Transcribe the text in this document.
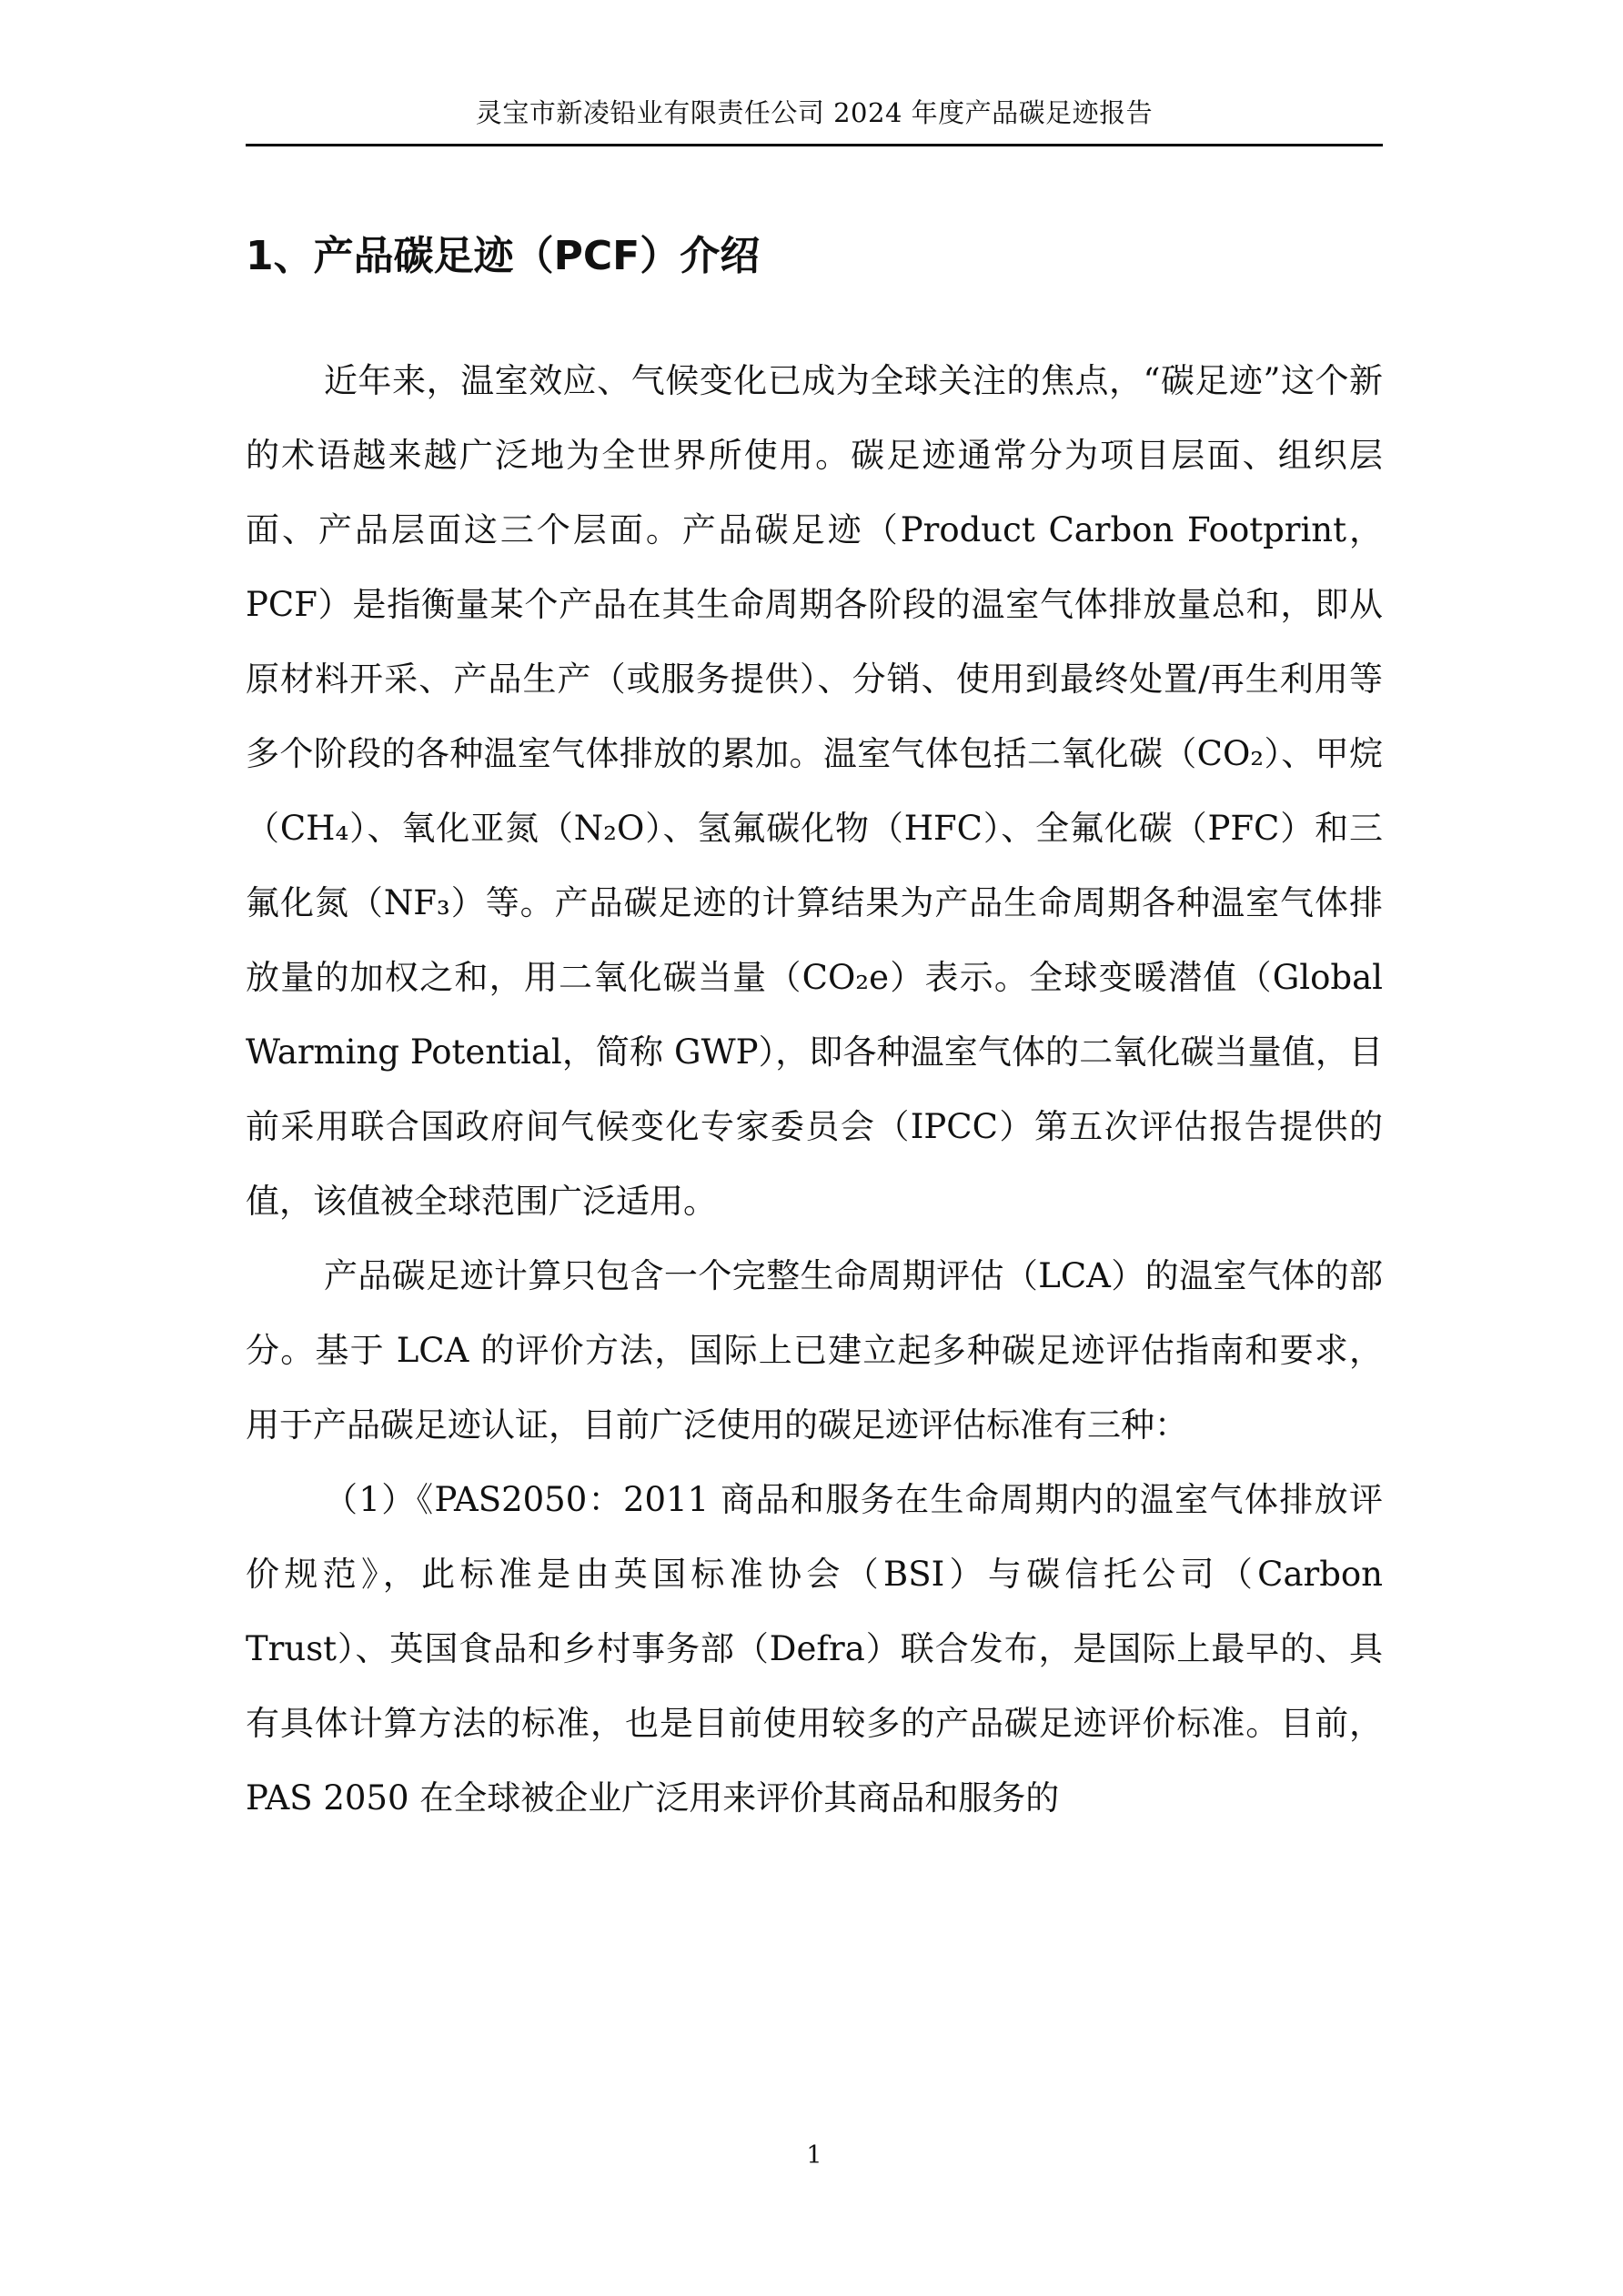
灵宝市新凌铅业有限责任公司 2024 年度产品碳足迹报告
1、产品碳足迹（PCF）介绍

近年来，温室效应、气候变化已成为全球关注的焦点，“碳足迹”这个新的术语越来越广泛地为全世界所使用。碳足迹通常分为项目层面、组织层面、产品层面这三个层面。产品碳足迹（Product Carbon Footprint，PCF）是指衡量某个产品在其生命周期各阶段的温室气体排放量总和，即从原材料开采、产品生产（或服务提供）、分销、使用到最终处置/再生利用等多个阶段的各种温室气体排放的累加。温室气体包括二氧化碳（CO₂）、甲烷（CH₄）、氧化亚氮（N₂O）、氢氟碳化物（HFC）、全氟化碳（PFC）和三氟化氮（NF₃）等。产品碳足迹的计算结果为产品生命周期各种温室气体排放量的加权之和，用二氧化碳当量（CO₂e）表示。全球变暖潜值（Global Warming Potential，简称 GWP），即各种温室气体的二氧化碳当量值，目前采用联合国政府间气候变化专家委员会（IPCC）第五次评估报告提供的值，该值被全球范围广泛适用。

产品碳足迹计算只包含一个完整生命周期评估（LCA）的温室气体的部分。基于 LCA 的评价方法，国际上已建立起多种碳足迹评估指南和要求，用于产品碳足迹认证，目前广泛使用的碳足迹评估标准有三种：

（1）《PAS2050：2011 商品和服务在生命周期内的温室气体排放评价规范》，此标准是由英国标准协会（BSI）与碳信托公司（Carbon Trust）、英国食品和乡村事务部（Defra）联合发布，是国际上最早的、具有具体计算方法的标准，也是目前使用较多的产品碳足迹评价标准。目前，PAS 2050 在全球被企业广泛用来评价其商品和服务的

1
